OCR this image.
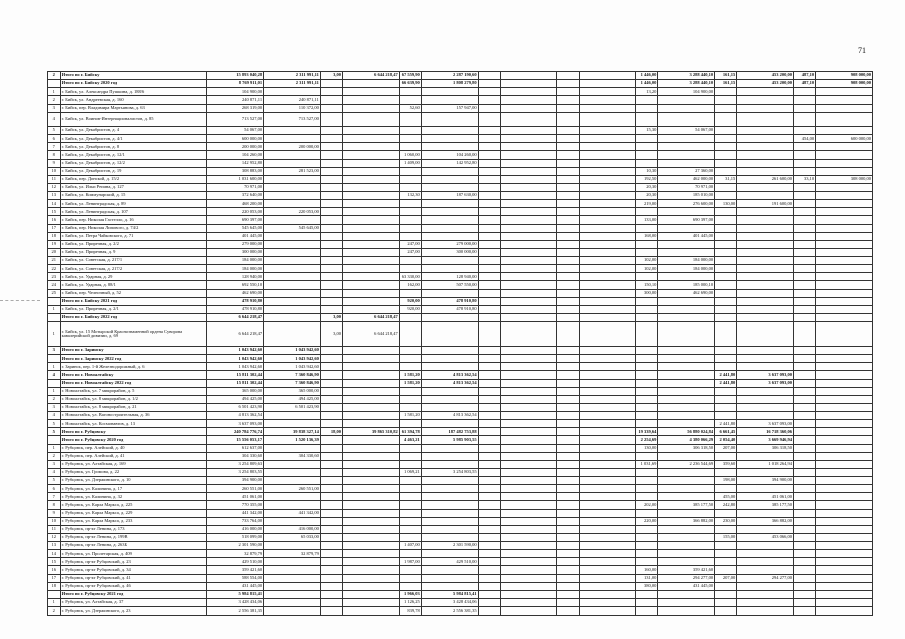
71
2	Итого по г. Бийску	15 893 040,28	2 311 991,11	3,00	6 644 218,47	67 559,90	2 287 190,60					1 446,00	3 288 440,10	161,15	453 200,00	487,10	908 000,00
	Итого по г. Бийску 2020 год	8 769 911,01	2 311 991,11			66 639,90	1 808 279,80					1 446,00	3 288 440,10	161,15	453 200,00	487,10	908 000,00
1	г. Бийск, ул. Александра Пушкина, д. 188/6	104 900,00										13,20	104 900,00				
2	г. Бийск, ул. Андреевская, д. 160	240 871,11	240 871,11														
3	г. Бийск, пер. Владимира Мартьянова, д. 63	268 319,00	110 372,00			52,60	157 947,00										
4	г. Бийск, ул. Воинов-Интернационалистов, д. 85	713 527,00	713 527,00														
5	г. Бийск, ул. Декабристов, д. 4	54 067,00										15,30	54 067,00				
6	г. Бийск, ул. Декабристов, д. 4/1	600 000,00														454,00	600 000,00
7	г. Бийск, ул. Декабристов, д. 8	200 000,00	200 000,00														
8	г. Бийск, ул. Декабристов, д. 12/1	104 260,00				1 060,00	104 260,00										
9	г. Бийск, ул. Декабристов, д. 12/2	142 952,80				1 409,00	142 952,80										
10	г. Бийск, ул. Декабристов, д. 19	308 883,00	281 523,00									10,30	27 360,00				
11	г. Бийск, пер. Донской, д. 15/2	1 031 600,00										192,50	462 000,00	31,15	261 600,00	33,10	308 000,00
12	г. Бийск, ул. Ильи Репина, д. 127	70 971,00										20,30	70 971,00				
13	г. Бийск, ул. Коммунарский, д. 15	372 640,00				132,30	187 630,00					20,30	185 010,00				
14	г. Бийск, ул. Ленинградская, д. 89	468 200,00										219,00	276 600,00	130,00	191 600,00		
15	г. Бийск, ул. Ленинградская, д. 107	220 053,00	220 053,00														
16	г. Бийск, пер. Николая Гастелло, д. 16	690 397,00										133,00	690 397,00				
17	г. Бийск, пер. Николая Липового, д. 74/2	545 645,00	545 645,00														
18	г. Бийск, ул. Петра Чайковского, д. 71	401 445,00										168,00	401 445,00				
19	г. Бийск, ул. Приречная, д. 2/2	279 000,00				247,00	279 000,00										
20	г. Бийск, ул. Приречная, д. 9	300 000,00				247,00	300 000,00										
21	г. Бийск, ул. Советская, д. 217/1	184 000,00										102,00	184 000,00				
22	г. Бийск, ул. Советская, д. 217/2	184 000,00										102,00	184 000,00				
23	г. Бийск, ул. Ударная, д. 29	128 940,00				63 330,00	128 940,00										
24	г. Бийск, ул. Ударная, д. 88/1	692 550,10				162,00	507 550,00					150,10	185 000,10				
25	г. Бийск, пер. Челночный, д. 52	462 690,00										300,00	462 690,00				
	Итого по г. Бийску 2021 год	478 910,80				920,00	478 910,80										
1	г. Бийск, ул. Приречная, д. 2/1	478 910,80				920,00	478 910,80										
	Итого по г. Бийску 2022 год	6 644 218,47		3,00	6 644 218,47												
1	г. Бийск, ул. 15 Мотырской Краснознаменной ордена Суворова кавалерийской дивизии, д. 69	6 644 218,47		3,00	6 644 218,47												
3	Итого по г. Заринску	1 043 942,60	1 043 942,60														
	Итого по г. Заринску 2022 год	1 043 942,60	1 043 942,60														
1	г. Заринск, пер. 1-й Железнодорожный, д. 6	1 043 942,60	1 043 942,60														
4	Итого по г. Новоалтайску	15 811 302,44	7 360 846,90			1 581,20	4 813 362,54							2 441,80	3 637 093,00		
	Итого по г. Новоалтайску 2022 год	15 811 302,44	7 360 846,90			1 581,20	4 813 362,54							2 441,80	3 637 093,00		
1	г. Новоалтайск, ул. 7 микрорайон, д. 5	365 000,00	365 000,00														
2	г. Новоалтайск, ул. 8 микрорайон, д. 1/2	494 425,00	494 425,00														
3	г. Новоалтайск, ул. 8 микрорайон, д. 21	6 501 423,90	6 501 423,90														
4	г. Новоалтайск, ул. Вагоностроительная, д. 36	4 813 362,54				1 581,20	4 813 362,54										
5	г. Новоалтайск, ул. Космонавтов, д. 13	3 637 093,00												2 441,80	3 637 093,00		
5	Итого по г. Рубцовску	240 784 776,74	39 838 327,14	18,00	39 865 310,82	61 394,78	187 482 753,88					19 339,64	56 880 024,84	6 661,45	16 718 360,06		
	Итого по г. Рубцовску 2020 год	15 556 053,17	1 520 136,39			4 463,21	5 985 903,55					2 254,69	4 380 066,29	2 054,40	3 669 946,94		
1	г. Рубцовск, пер. Алейский, д. 40	612 637,00										130,00	306 318,50	207,00	306 318,50		
2	г. Рубцовск, пер. Алейский, д. 41	304 330,60	304 330,60														
3	г. Рубцовск, ул. Алтайская, д. 169	3 254 809,63										1 031,69	2 236 544,69	359,60	1 018 264,94		
4	г. Рубцовск, ул. Громова, д. 22	3 254 803,55				1 069,21	3 254 803,55										
5	г. Рубцовск, ул. Дзержинского, д. 10	394 900,00												198,00	394 900,00		
6	г. Рубцовск, ул. Калинина, д. 17	260 551,00	260 551,00														
7	г. Рубцовск, ул. Калинина, д. 32	451 061,00												455,00	451 061,00		
8	г. Рубцовск, ул. Карла Маркса, д. 225	770 355,00										202,00	385 177,50	242,80	385 177,50		
9	г. Рубцовск, ул. Карла Маркса, д. 229	441 342,00	441 342,00														
10	г. Рубцовск, ул. Карла Маркса, д. 233	733 764,00										220,00	366 882,00	230,00	366 882,00		
11	г. Рубцовск, пр-кт Ленина, д. 173	416 000,00	416 000,00														
12	г. Рубцовск, пр-кт Ленина, д. 199В	518 099,00	65 033,00											155,00	453 066,00		
13	г. Рубцовск, пр-кт Ленина, д. 263Б	2 301 590,00				1 407,00	2 301 590,00										
14	г. Рубцовск, ул. Пролетарская, д. 409	32 879,79	32 879,79														
15	г. Рубцовск, пр-кт Рубцовский, д. 23	429 510,00				1 987,00	429 510,00										
16	г. Рубцовск, пр-кт Рубцовский, д. 34	359 421,60										160,00	359 421,60				
17	г. Рубцовск, пр-кт Рубцовский, д. 41	588 554,00										131,00	294 277,00	207,00	294 277,00		
18	г. Рубцовск, пр-кт Рубцовский, д. 46	431 445,00										380,00	431 445,00				
	Итого по г. Рубцовску 2021 год	5 984 815,41				1 966,03	5 984 815,41										
1	г. Рубцовск, ул. Алтайская, д. 37	3 428 434,06				1 126,25	3 428 434,06										
2	г. Рубцовск, ул. Дзержинского, д. 23	2 556 381,35				839,78	2 556 381,35										
